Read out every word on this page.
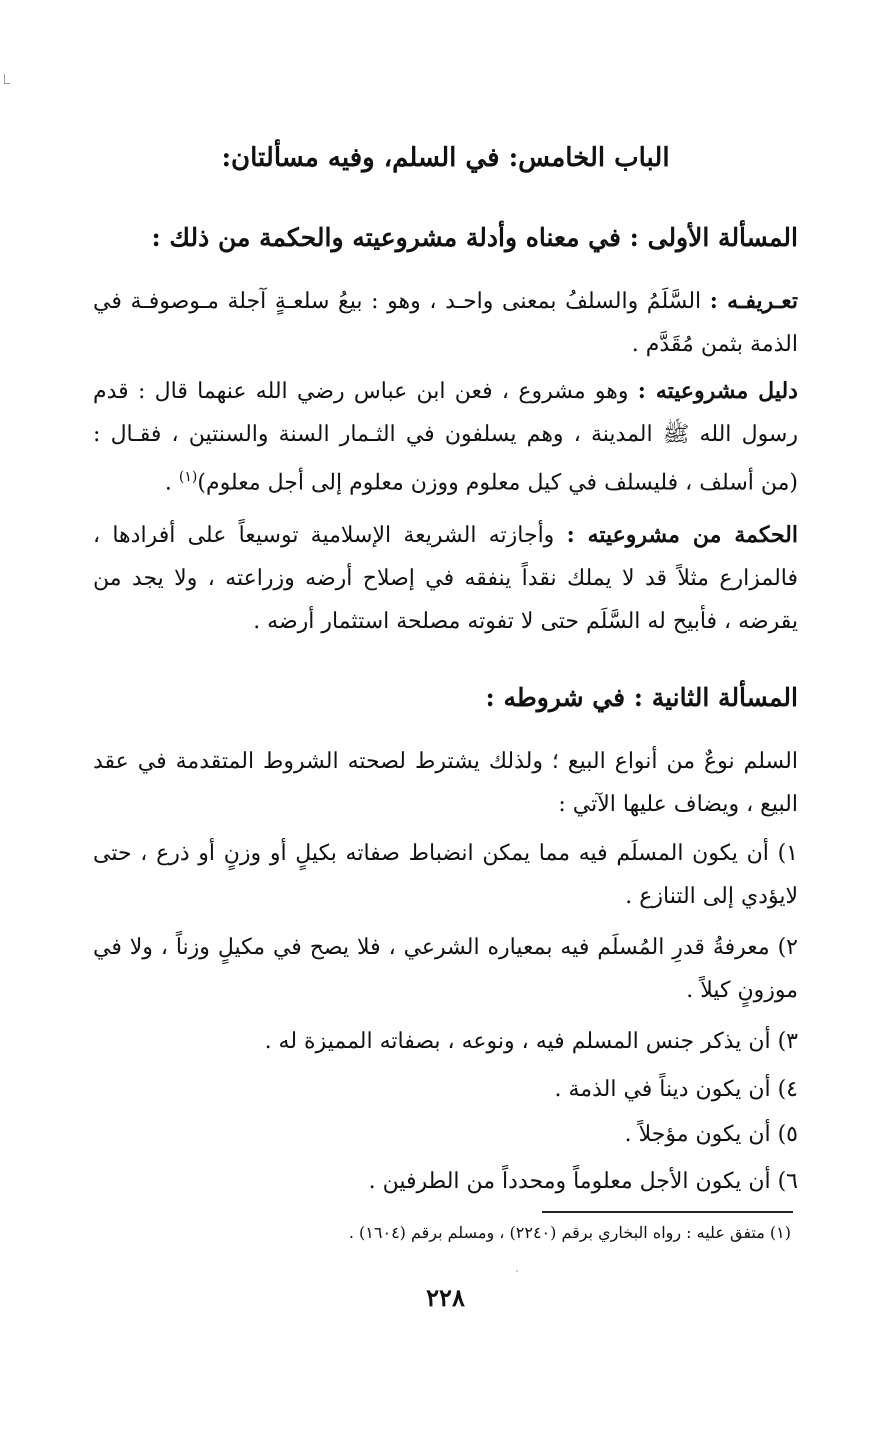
الباب الخامس: في السلم، وفيه مسألتان:
المسألة الأولى : في معناه وأدلة مشروعيته والحكمة من ذلك :
تعـريفـه : السَّلَمُ والسلفُ بمعنى واحـد ، وهو : بيعُ سلعـةٍ آجلة مـوصوفـة في الذمة بثمن مُقَدَّم .
دليل مشروعيته : وهو مشروع ، فعن ابن عباس رضي الله عنهما قال : قدم رسول الله ﷺ المدينة ، وهم يسلفون في الثـمار السنة والسنتين ، فقـال : (من أسلف ، فليسلف في كيل معلوم ووزن معلوم إلى أجل معلوم)$^{(١)}$ .
الحكمة من مشروعيته : وأجازته الشريعة الإسلامية توسيعاً على أفرادها ، فالمزارع مثلاً قد لا يملك نقداً ينفقه في إصلاح أرضه وزراعته ، ولا يجد من يقرضه ، فأبيح له السَّلَم حتى لا تفوته مصلحة استثمار أرضه .
المسألة الثانية : في شروطه :
السلم نوعٌ من أنواع البيع ؛ ولذلك يشترط لصحته الشروط المتقدمة في عقد البيع ، ويضاف عليها الآتي :
١) أن يكون المسلَم فيه مما يمكن انضباط صفاته بكيلٍ أو وزنٍ أو ذرع ، حتى لايؤدي إلى التنازع .
٢) معرفةُ قدرِ المُسلَم فيه بمعياره الشرعي ، فلا يصح في مكيلٍ وزناً ، ولا في موزونٍ كيلاً .
٣) أن يذكر جنس المسلم فيه ، ونوعه ، بصفاته المميزة له .
٤) أن يكون ديناً في الذمة .
٥) أن يكون مؤجلاً .
٦) أن يكون الأجل معلوماً ومحدداً من الطرفين .
(١) متفق عليه : رواه البخاري برقم (٢٢٤٠) ، ومسلم برقم (١٦٠٤) .
٢٢٨
